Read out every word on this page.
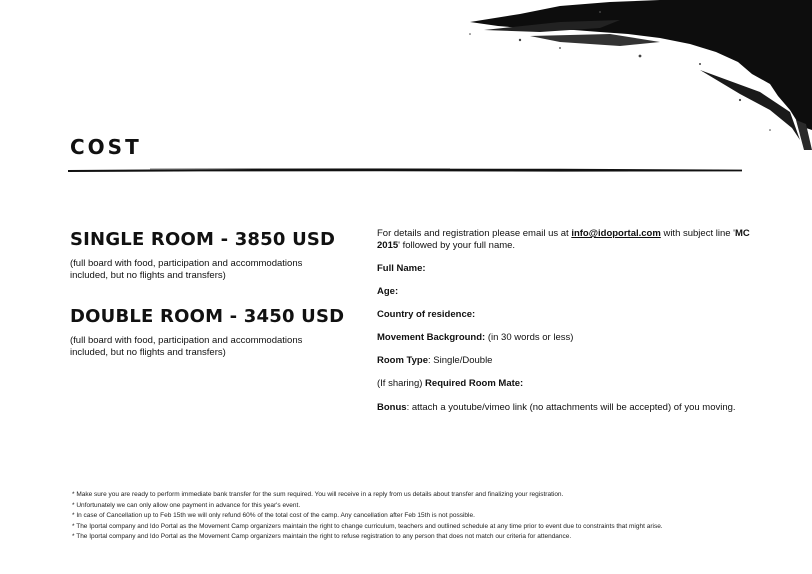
COST
SINGLE ROOM - 3850 USD
(full board with food, participation and accommodations included, but no flights and transfers)
DOUBLE ROOM - 3450 USD
(full board with food, participation and accommodations included, but no flights and transfers)
For details and registration please email us at info@idoportal.com with subject line 'MC 2015' followed by your full name.
Full Name:
Age:
Country of residence:
Movement Background: (in 30 words or less)
Room Type: Single/Double
(If sharing) Required Room Mate:
Bonus: attach a youtube/vimeo link (no attachments will be accepted) of you moving.
* Make sure you are ready to perform immediate bank transfer for the sum required. You will receive in a reply from us details about transfer and finalizing your registration.
* Unfortunately we can only allow one payment in advance for this year's event.
* In case of Cancellation up to Feb 15th we will only refund 60% of the total cost of the camp. Any cancellation after Feb 15th is not possible.
* The Iportal company and Ido Portal as the Movement Camp organizers maintain the right to change curriculum, teachers and outlined schedule at any time prior to event due to constraints that might arise.
* The Iportal company and Ido Portal as the Movement Camp organizers maintain the right to refuse registration to any person that does not match our criteria for attendance.
